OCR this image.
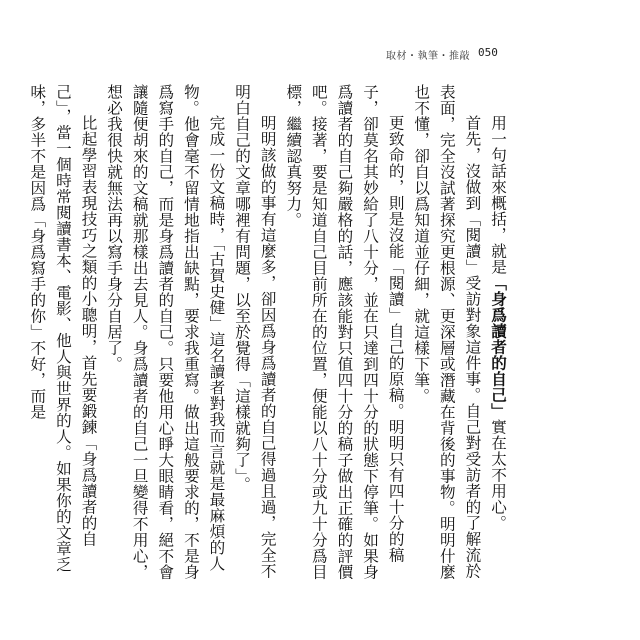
取材・執筆・推敲 050

用一句話來概括，就是「身爲讀者的自己」實在太不用心。

首先，沒做到「閱讀」受訪對象這件事。自己對受訪者的了解流於表面，完全沒試著探究更根源、更深層或潛藏在背後的事物。明明什麼也不懂，卻自以爲知道並仔細，就這樣下筆。

更致命的，則是沒能「閱讀」自己的原稿。明明只有四十分的稿子，卻莫名其妙給了八十分，並在只達到四十分的狀態下停筆。如果身爲讀者的自己夠嚴格的話，應該能對只值四十分的稿子做出正確的評價吧。接著，要是知道自己目前所在的位置，便能以八十分或九十分爲目標，繼續認真努力。

明明該做的事有這麼多，卻因爲身爲讀者的自己得過且過，完全不明白自己的文章哪裡有問題，以至於覺得「這樣就夠了」。

完成一份文稿時，「古賀史健」這名讀者對我而言就是最麻煩的人物。他會毫不留情地指出缺點，要求我重寫。做出這般要求的，不是身爲寫手的自己，而是身爲讀者的自己。只要他用心睜大眼睛看，絕不會讓隨便胡來的文稿就那樣出去見人。身爲讀者的自己一旦變得不用心，想必我很快就無法再以寫手身分自居了。

比起學習表現技巧之類的小聰明，首先要鍛鍊「身爲讀者的自己」，當一個時常閱讀書本、電影、他人與世界的人。如果你的文章乏味，多半不是因爲「身爲寫手的你」不好，而是
